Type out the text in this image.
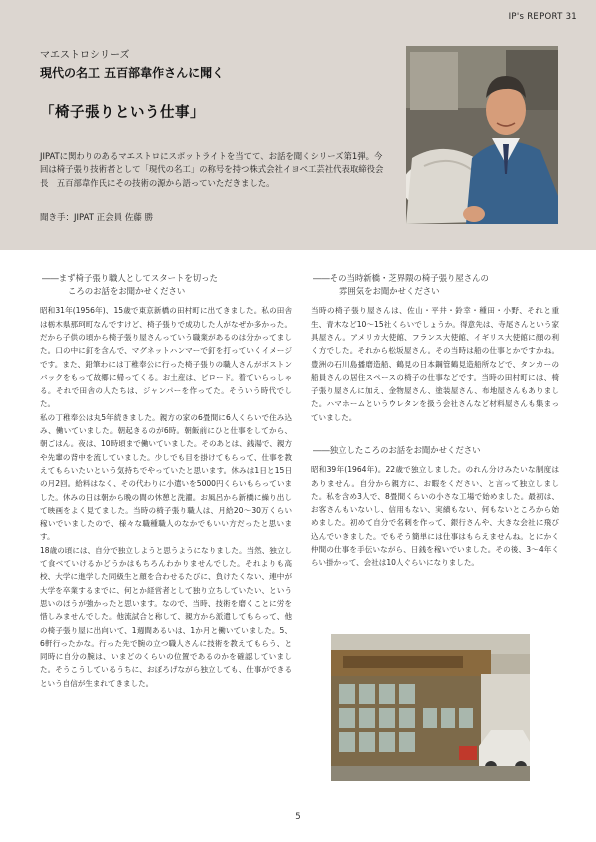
IP's REPORT 31
マエストロシリーズ
現代の名工 五百部韋作さんに聞く
「椅子張りという仕事」
JIPATに関わりのあるマエストロにスポットライトを当てて、お話を聞くシリーズ第1弾。今回は椅子張り技術者として「現代の名工」の称号を持つ株式会社イヨベ工芸社代表取締役会長　五百部韋作氏にその技術の源から語っていただきました。
聞き手：JIPAT 正会員 佐藤 勝
――まず椅子張り職人としてスタートを切った
ころのお話をお聞かせください

昭和31年(1956年)、15歳で東京新橋の田村町に出てきました。私の田舎は栃木県那珂町なんですけど、椅子張りで成功した人がなぜか多かった。だから子供の頃から椅子張り屋さんっていう職業があるのは分かってました。口の中に釘を含んで、マグネットハンマーで釘を打っていくイメージです。また、鉛筆わには丁稚奉公に行った椅子張りの職人さんがボストンバックをもって故郷に帰ってくる。お土産は、ビロード。着ていらっしゃる。それで田舎の人たちは、ジャンパーを作ってた。そういう時代でした。

私の丁稚奉公は丸5年続きました。親方の家の6畳間に6人くらいで住み込み、働いていました。朝起きるのが6時。朝飯前にひと仕事をしてから、朝ごはん。夜は、10時頃まで働いていました。そのあとは、銭湯で、親方や先輩の背中を流していました。少しでも目を掛けてもらって、仕事を教えてもらいたいという気持ちでやっていたと思います。休みは1日と15日の月2回。給料はなく、その代わりに小遣いを5000円くらいもらっていました。休みの日は朝から晩の間の休憩と洗濯。お風呂から新橋に繰り出して映画をよく見てました。当時の椅子張り職人は、月給20〜30万くらい稼いでいましたので、様々な職種職人のなかでもいい方だったと思います。

18歳の頃には、自分で独立しようと思うようになりました。当然、独立して食べていけるかどうかはもちろんわかりませんでした。それよりも高校、大学に進学した同級生と顔を合わせるたびに、負けたくない、連中が大学を卒業するまでに、何とか経営者として独り立ちしていたい、という思いのほうが強かったと思います。なので、当時、技術を磨くことに労を惜しみませんでした。他流試合と称して、親方から派遣してもらって、他の椅子張り屋に出向いて、1週間あるいは、1か月と働いていました。5、6軒行ったかな。行った先で腕の立つ職人さんに技術を教えてもらう、と同時に自分の腕は、いまどのくらいの位置であるのかを確認していました。そうこうしているうちに、おぼろげながら独立しても、仕事ができるという自信が生まれてきました。

――その当時新橋・芝界隈の椅子張り屋さんの
雰囲気をお聞かせください

当時の椅子張り屋さんは、佐山・平井・鈴幸・種田・小野、それと重生、青木など10〜15社くらいでしょうか。得意先は、寺尾さんという家具屋さん。アメリカ大使館、フランス大使館、イギリス大使館に顔の利く方でした。それから松坂屋さん。その当時は船の仕事とかですかね。豊洲の石川島播磨造船、鶴見の日本鋼管鶴見造船所などで、タンカーの船員さんの居住スペースの椅子の仕事などです。当時の田村町には、椅子張り屋さんに加え、金物屋さん、塗装屋さん、布地屋さんもありました。ハマホームというウレタンを扱う会社さんなど材料屋さんも集まっていました。

――独立したころのお話をお聞かせください

昭和39年(1964年)。22歳で独立しました。のれん分けみたいな制度はありません。自分から親方に、お暇をください、と言って独立しました。私を含め3人で、8畳間くらいの小さな工場で始めました。最初は、お客さんもいないし、信用もない、実績もない、何もないところから始めました。初めて自分で名刺を作って、銀行さんや、大きな会社に飛び込んでいきました。でもそう簡単には仕事はもらえませんね。とにかく仲間の仕事を手伝いながら、日銭を稼いでいました。その後、3〜4年くらい掛かって、会社は10人ぐらいになりました。

5
